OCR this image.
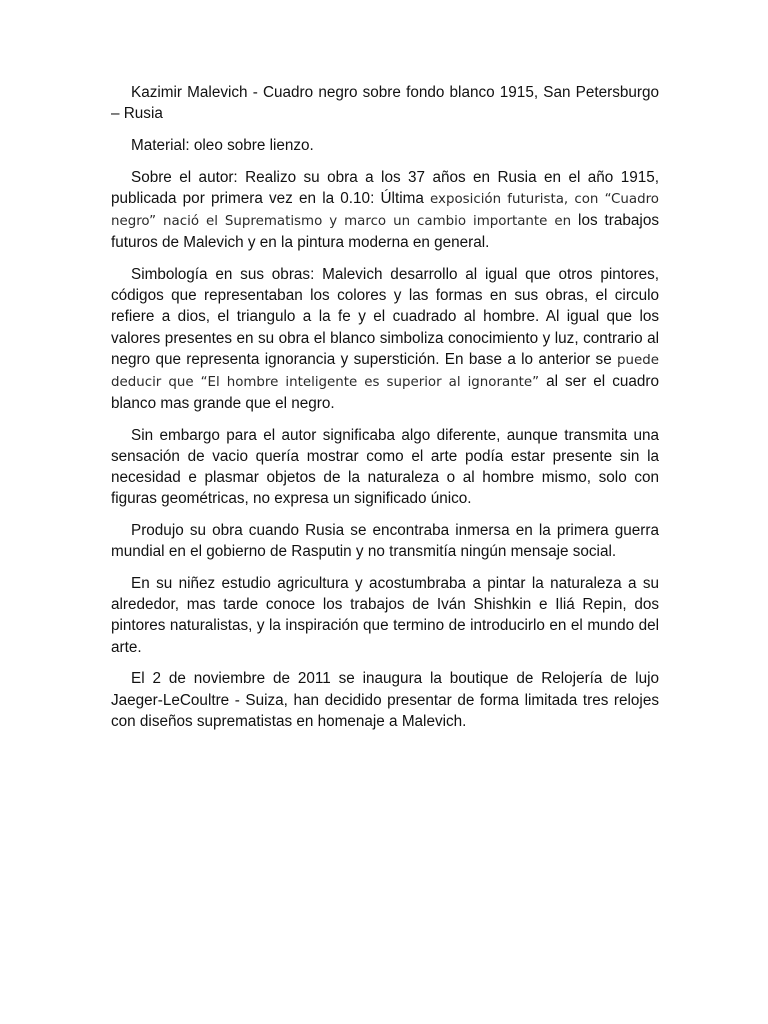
Kazimir Malevich - Cuadro negro sobre fondo blanco 1915, San Petersburgo – Rusia

Material: oleo sobre lienzo.

Sobre el autor: Realizo su obra a los 37 años en Rusia en el año 1915, publicada por primera vez en la 0.10: Última exposición futurista, con “Cuadro negro” nació el Suprematismo y marco un cambio importante en los trabajos futuros de Malevich y en la pintura moderna en general.

Simbología en sus obras: Malevich desarrollo al igual que otros pintores, códigos que representaban los colores y las formas en sus obras, el circulo refiere a dios, el triangulo a la fe y el cuadrado al hombre. Al igual que los valores presentes en su obra el blanco simboliza conocimiento y luz, contrario al negro que representa ignorancia y superstición. En base a lo anterior se puede deducir que “El hombre inteligente es superior al ignorante” al ser el cuadro blanco mas grande que el negro.

Sin embargo para el autor significaba algo diferente, aunque transmita una sensación de vacio quería mostrar como el arte podía estar presente sin la necesidad e plasmar objetos de la naturaleza o al hombre mismo, solo con figuras geométricas, no expresa un significado único.

Produjo su obra cuando Rusia se encontraba inmersa en la primera guerra mundial en el gobierno de Rasputin y no transmitía ningún mensaje social.

En su niñez estudio agricultura y acostumbraba a pintar la naturaleza a su alrededor, mas tarde conoce los trabajos de Iván Shishkin e Iliá Repin, dos pintores naturalistas, y la inspiración que termino de introducirlo en el mundo del arte.

El 2 de noviembre de 2011 se inaugura la boutique de Relojería de lujo Jaeger-LeCoultre - Suiza, han decidido presentar de forma limitada tres relojes con diseños suprematistas en homenaje a Malevich.
